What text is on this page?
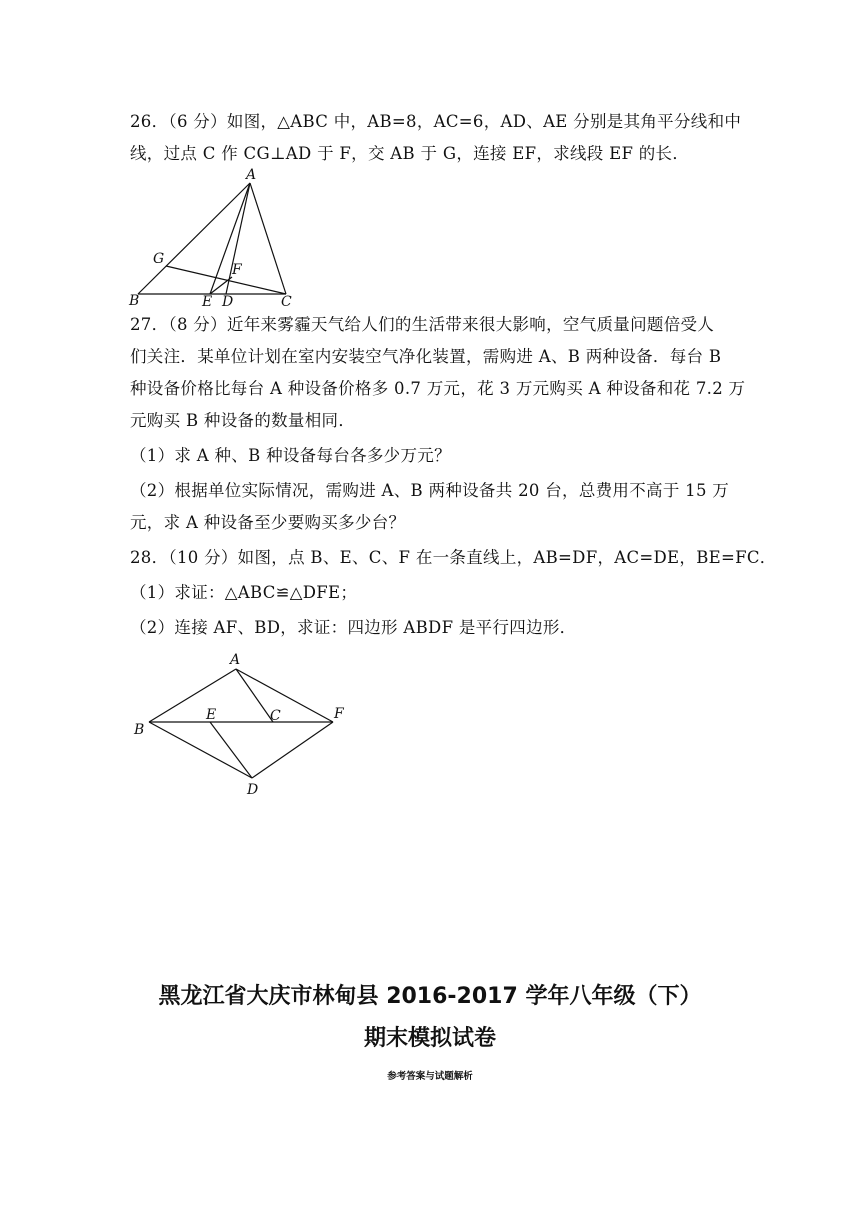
26．（6 分）如图，△ABC 中，AB=8，AC=6，AD、AE 分别是其角平分线和中
线，过点 C 作 CG⊥AD 于 F，交 AB 于 G，连接 EF，求线段 EF 的长．
A
B	C
D
E
F
G
27．（8 分）近年来雾霾天气给人们的生活带来很大影响，空气质量问题倍受人
们关注．某单位计划在室内安装空气净化装置，需购进 A、B 两种设备．每台 B
种设备价格比每台 A 种设备价格多 0.7 万元，花 3 万元购买 A 种设备和花 7.2 万
元购买 B 种设备的数量相同．
（1）求 A 种、B 种设备每台各多少万元？
（2）根据单位实际情况，需购进 A、B 两种设备共 20 台，总费用不高于 15 万
元，求 A 种设备至少要购买多少台？
28．（10 分）如图，点 B、E、C、F 在一条直线上，AB=DF，AC=DE，BE=FC．
（1）求证：△ABC≌△DFE；
（2）连接 AF、BD，求证：四边形 ABDF 是平行四边形．
A
B
C
D
E	F
黑龙江省大庆市林甸县 2016-2017 学年八年级（下）
期末模拟试卷
参考答案与试题解析
